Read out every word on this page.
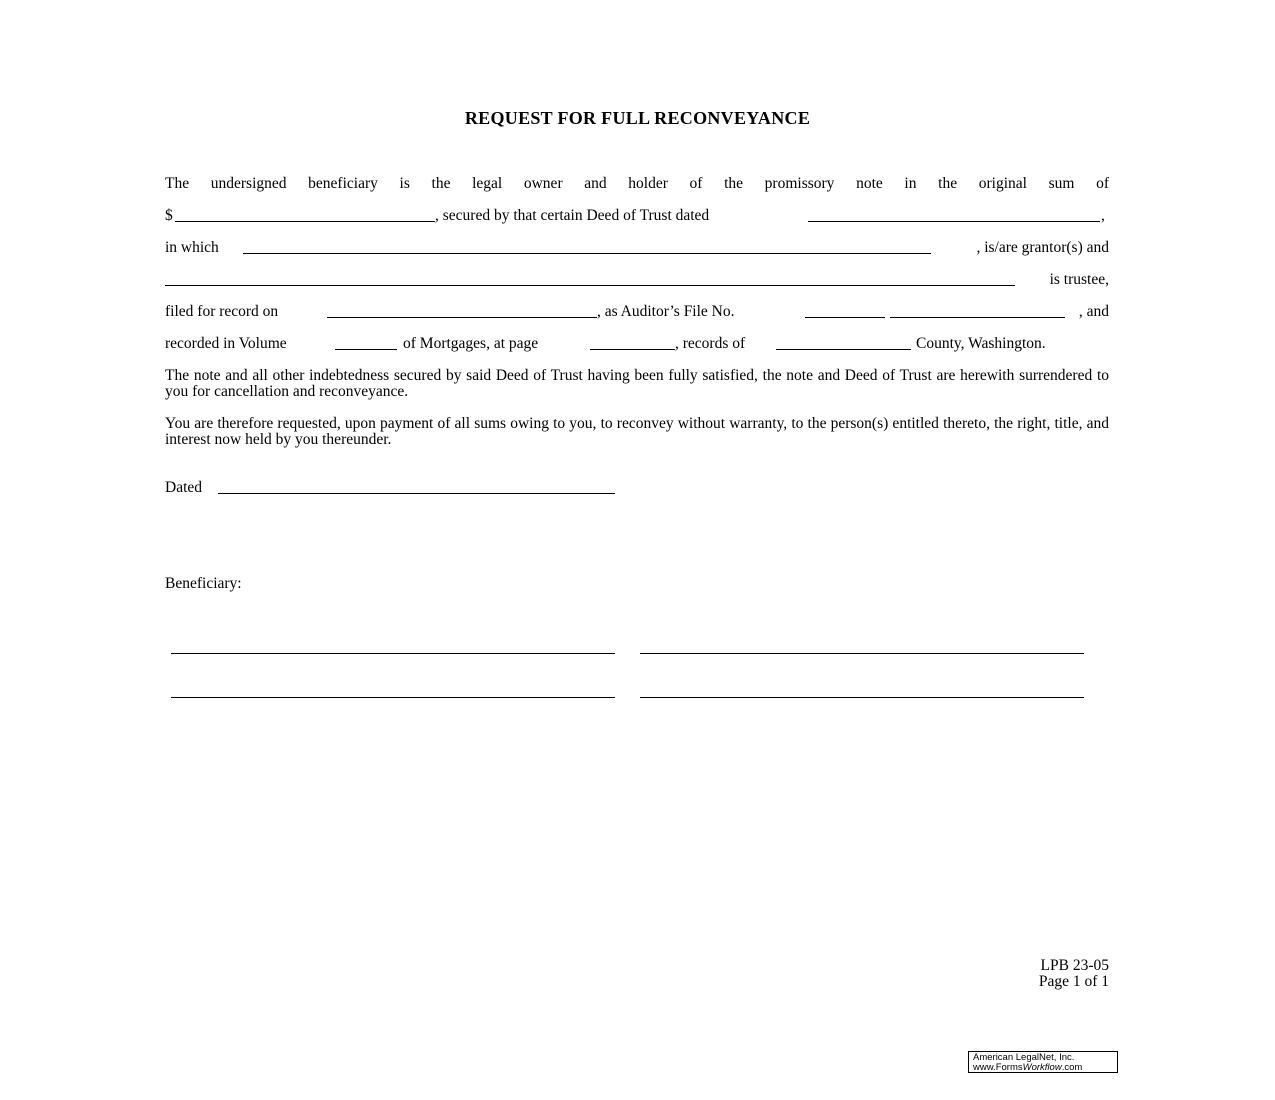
REQUEST FOR FULL RECONVEYANCE
The undersigned beneficiary is the legal owner and holder of the promissory note in the original sum of
$	, secured by that certain Deed of Trust dated	,
in which	, is/are grantor(s) and
is trustee,
filed for record on	, as Auditor’s File No.	, and
recorded in Volume	of Mortgages, at page	, records of	County, Washington.
The note and all other indebtedness secured by said Deed of Trust having been fully satisfied, the note and Deed of Trust are herewith surrendered to you for cancellation and reconveyance.
You are therefore requested, upon payment of all sums owing to you, to reconvey without warranty, to the person(s) entitled thereto, the right, title, and interest now held by you thereunder.
Dated
Beneficiary:
LPB 23-05
Page 1 of 1
American LegalNet, Inc.
www.FormsWorkflow.com
